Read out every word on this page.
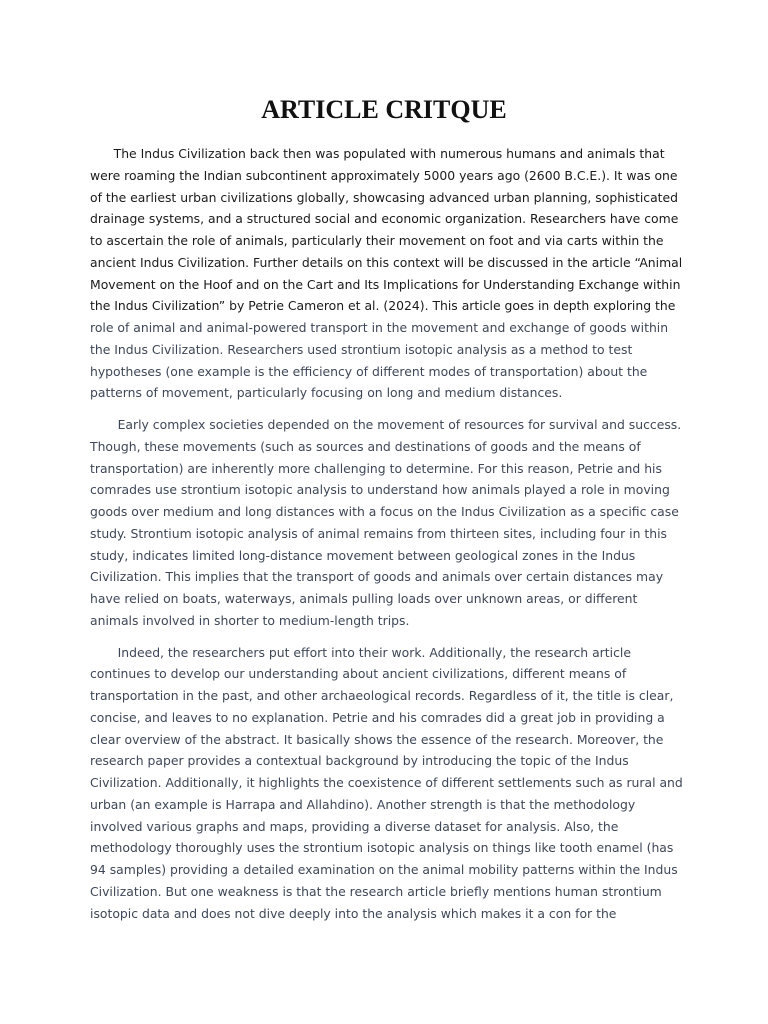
ARTICLE CRITQUE

The Indus Civilization back then was populated with numerous humans and animals that
were roaming the Indian subcontinent approximately 5000 years ago (2600 B.C.E.). It was one
of the earliest urban civilizations globally, showcasing advanced urban planning, sophisticated
drainage systems, and a structured social and economic organization. Researchers have come
to ascertain the role of animals, particularly their movement on foot and via carts within the
ancient Indus Civilization. Further details on this context will be discussed in the article “Animal
Movement on the Hoof and on the Cart and Its Implications for Understanding Exchange within
the Indus Civilization” by Petrie Cameron et al. (2024). This article goes in depth exploring the
role of animal and animal-powered transport in the movement and exchange of goods within
the Indus Civilization. Researchers used strontium isotopic analysis as a method to test
hypotheses (one example is the efficiency of different modes of transportation) about the
patterns of movement, particularly focusing on long and medium distances.

Early complex societies depended on the movement of resources for survival and success.
Though, these movements (such as sources and destinations of goods and the means of
transportation) are inherently more challenging to determine. For this reason, Petrie and his
comrades use strontium isotopic analysis to understand how animals played a role in moving
goods over medium and long distances with a focus on the Indus Civilization as a specific case
study. Strontium isotopic analysis of animal remains from thirteen sites, including four in this
study, indicates limited long-distance movement between geological zones in the Indus
Civilization. This implies that the transport of goods and animals over certain distances may
have relied on boats, waterways, animals pulling loads over unknown areas, or different
animals involved in shorter to medium-length trips.

Indeed, the researchers put effort into their work. Additionally, the research article
continues to develop our understanding about ancient civilizations, different means of
transportation in the past, and other archaeological records. Regardless of it, the title is clear,
concise, and leaves to no explanation. Petrie and his comrades did a great job in providing a
clear overview of the abstract. It basically shows the essence of the research. Moreover, the
research paper provides a contextual background by introducing the topic of the Indus
Civilization. Additionally, it highlights the coexistence of different settlements such as rural and
urban (an example is Harrapa and Allahdino). Another strength is that the methodology
involved various graphs and maps, providing a diverse dataset for analysis. Also, the
methodology thoroughly uses the strontium isotopic analysis on things like tooth enamel (has
94 samples) providing a detailed examination on the animal mobility patterns within the Indus
Civilization. But one weakness is that the research article briefly mentions human strontium
isotopic data and does not dive deeply into the analysis which makes it a con for the
